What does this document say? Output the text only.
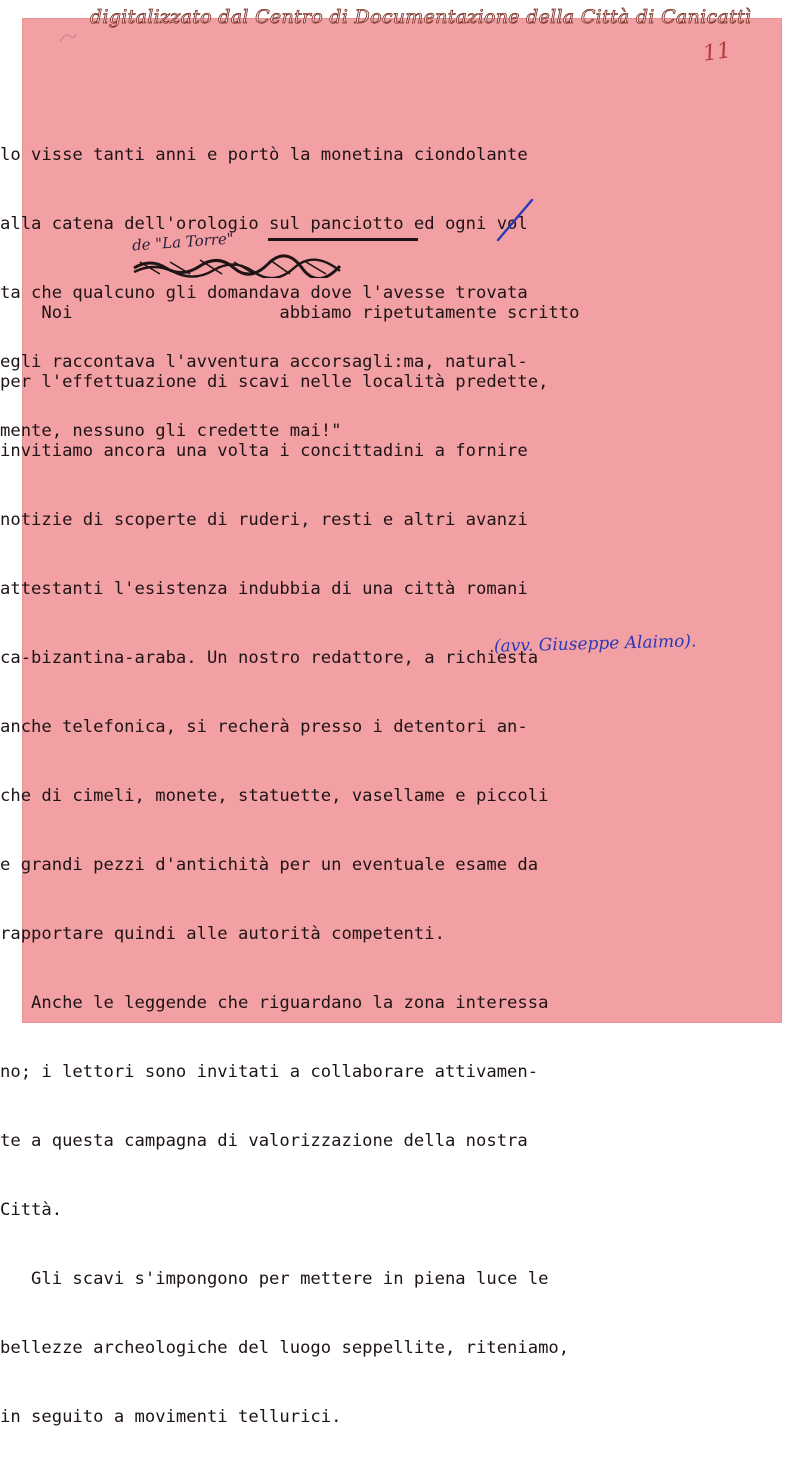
digitalizzato dal Centro di Documentazione della Città di Canicattì
11

lo visse tanti anni e portò la monetina ciondolante

alla catena dell'orologio sul panciotto ed ogni vol

ta che qualcuno gli domandava dove l'avesse trovata

egli raccontava l'avventura accorsagli:ma, natural-

mente, nessuno gli credette mai!"

de "La Torre"

Noi                    abbiamo ripetutamente scritto

per l'effettuazione di scavi nelle località predette,

invitiamo ancora una volta i concittadini a fornire

notizie di scoperte di ruderi, resti e altri avanzi

attestanti l'esistenza indubbia di una città romani

ca-bizantina-araba. Un nostro redattore, a richiesta

anche telefonica, si recherà presso i detentori an-

che di cimeli, monete, statuette, vasellame e piccoli

e grandi pezzi d'antichità per un eventuale esame da

rapportare quindi alle autorità competenti.

Anche le leggende che riguardano la zona interessa

no; i lettori sono invitati a collaborare attivamen-

te a questa campagna di valorizzazione della nostra

Città.

Gli scavi s'impongono per mettere in piena luce le

bellezze archeologiche del luogo seppellite, riteniamo,

in seguito a movimenti tellurici.

(avv. Giuseppe Alaimo).
